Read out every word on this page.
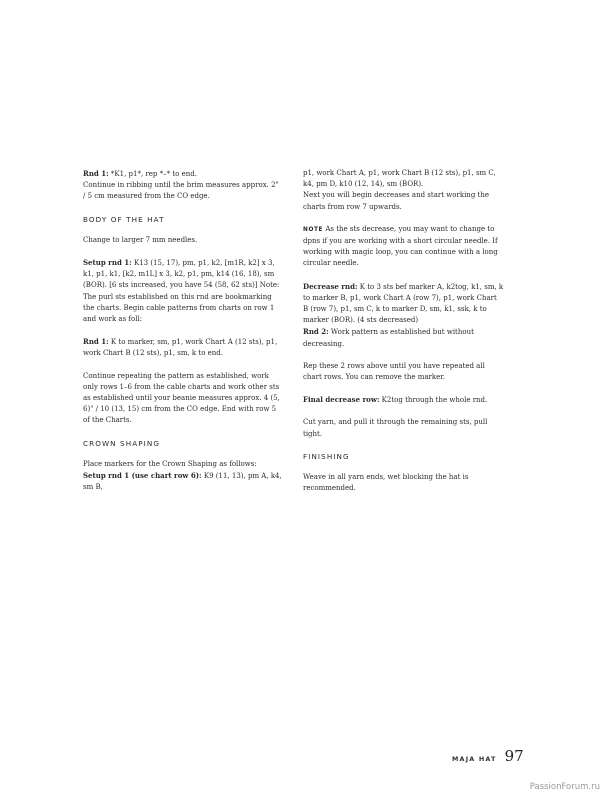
Rnd 1: *K1, p1*, rep *–* to end.
Continue in ribbing until the brim measures approx. 2" / 5 cm measured from the CO edge.

BODY OF THE HAT

Change to larger 7 mm needles.

Setup rnd 1: K13 (15, 17), pm, p1, k2, [m1R, k2] x 3, k1, p1, k1, [k2, m1L] x 3, k2, p1, pm, k14 (16, 18), sm (BOR). [6 sts increased, you have 54 (58, 62 sts)] Note: The purl sts established on this rnd are bookmarking the charts. Begin cable patterns from charts on row 1 and work as foll:

Rnd 1: K to marker, sm, p1, work Chart A (12 sts), p1, work Chart B (12 sts), p1, sm, k to end.

Continue repeating the pattern as established, work only rows 1–6 from the cable charts and work other sts as established until your beanie measures approx. 4 (5, 6)" / 10 (13, 15) cm from the CO edge. End with row 5 of the Charts.

CROWN SHAPING

Place markers for the Crown Shaping as follows:
Setup rnd 1 (use chart row 6): K9 (11, 13), pm A, k4, sm B,

p1, work Chart A, p1, work Chart B (12 sts), p1, sm C, k4, pm D, k10 (12, 14), sm (BOR).
Next you will begin decreases and start working the charts from row 7 upwards.

NOTE As the sts decrease, you may want to change to dpns if you are working with a short circular needle. If working with magic loop, you can continue with a long circular needle.

Decrease rnd: K to 3 sts bef marker A, k2tog, k1, sm, k to marker B, p1, work Chart A (row 7), p1, work Chart B (row 7), p1, sm C, k to marker D, sm, k1, ssk, k to marker (BOR). (4 sts decreased)
Rnd 2: Work pattern as established but without decreasing.

Rep these 2 rows above until you have repeated all chart rows. You can remove the marker.

Final decrease row: K2tog through the whole rnd.

Cut yarn, and pull it through the remaining sts, pull tight.

FINISHING

Weave in all yarn ends, wet blocking the hat is recommended.

MAJA HAT 97
PassionForum.ru
